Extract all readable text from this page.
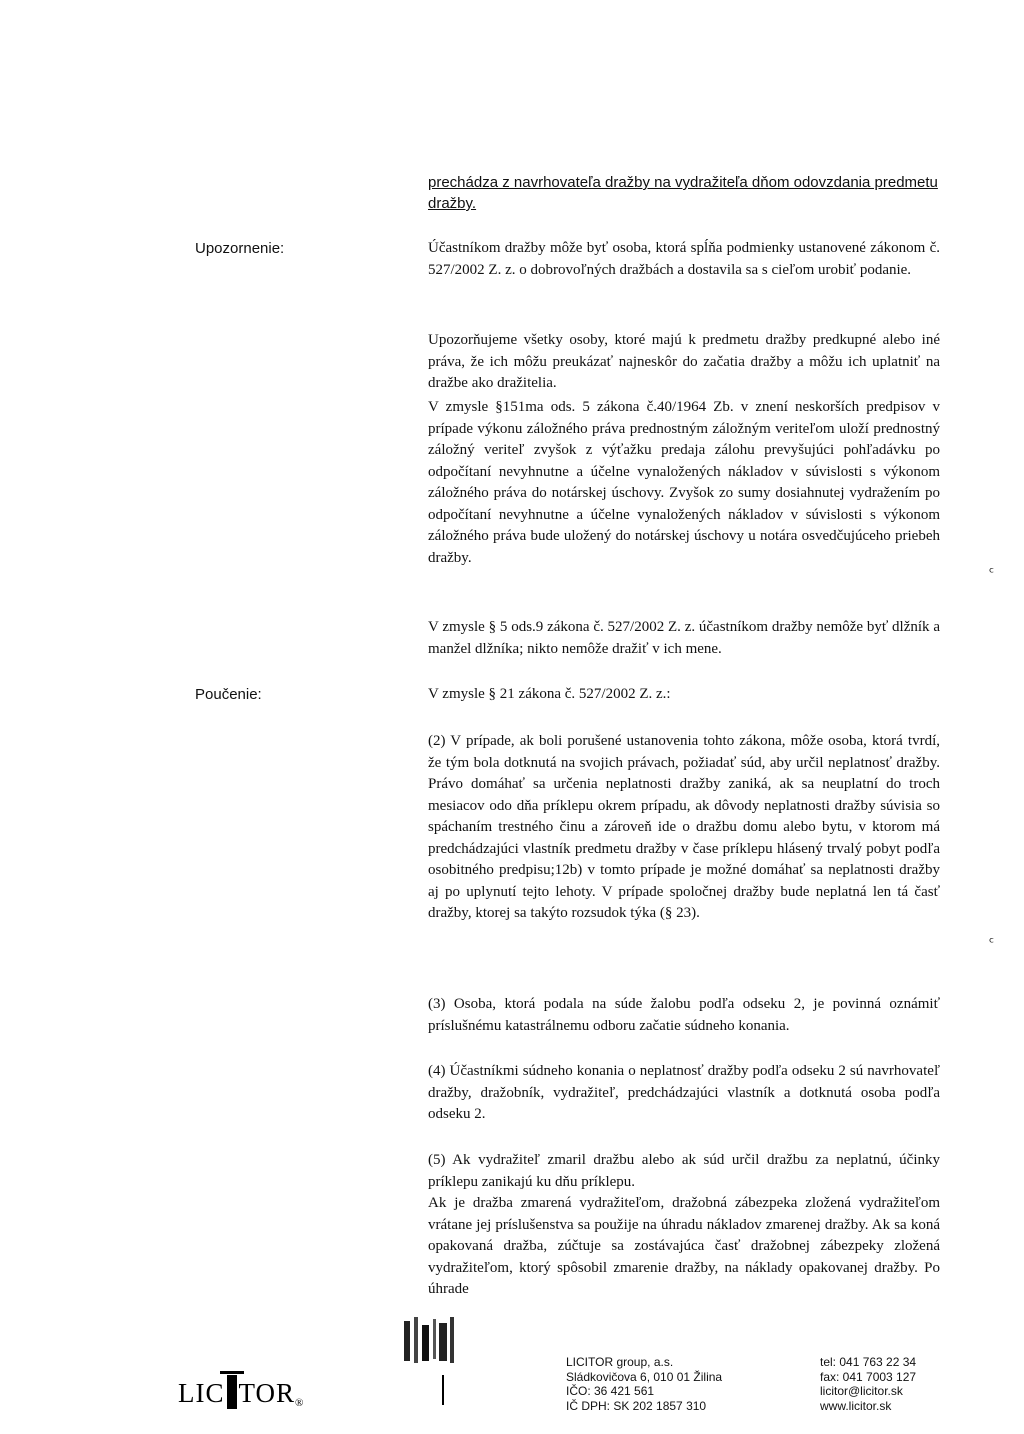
prechádza z navrhovateľa dražby na vydražiteľa dňom odovzdania predmetu dražby.
Upozornenie:	Účastníkom dražby môže byť osoba, ktorá spĺňa podmienky ustanovené zákonom č. 527/2002 Z. z. o dobrovoľných dražbách a dostavila sa s cieľom urobiť podanie.
Upozorňujeme všetky osoby, ktoré majú k predmetu dražby predkupné alebo iné práva, že ich môžu preukázať najneskôr do začatia dražby a môžu ich uplatniť na dražbe ako dražitelia.
V zmysle §151ma ods. 5 zákona č.40/1964 Zb. v znení neskorších predpisov v prípade výkonu záložného práva prednostným záložným veriteľom uloží prednostný záložný veriteľ zvyšok z výťažku predaja zálohu prevyšujúci pohľadávku po odpočítaní nevyhnutne a účelne vynaložených nákladov v súvislosti s výkonom záložného práva do notárskej úschovy. Zvyšok zo sumy dosiahnutej vydražením po odpočítaní nevyhnutne a účelne vynaložených nákladov v súvislosti s výkonom záložného práva bude uložený do notárskej úschovy u notára osvedčujúceho priebeh dražby.
ᶜ
V zmysle § 5 ods.9 zákona č. 527/2002 Z. z. účastníkom dražby nemôže byť dlžník a manžel dlžníka; nikto nemôže dražiť v ich mene.
Poučenie:	V zmysle § 21 zákona č. 527/2002 Z. z.:
(2) V prípade, ak boli porušené ustanovenia tohto zákona, môže osoba, ktorá tvrdí, že tým bola dotknutá na svojich právach, požiadať súd, aby určil neplatnosť dražby. Právo domáhať sa určenia neplatnosti dražby zaniká, ak sa neuplatní do troch mesiacov odo dňa príklepu okrem prípadu, ak dôvody neplatnosti dražby súvisia so spáchaním trestného činu a zároveň ide o dražbu domu alebo bytu, v ktorom má predchádzajúci vlastník predmetu dražby v čase príklepu hlásený trvalý pobyt podľa osobitného predpisu;12b) v tomto prípade je možné domáhať sa neplatnosti dražby aj po uplynutí tejto lehoty. V prípade spoločnej dražby bude neplatná len tá časť dražby, ktorej sa takýto rozsudok týka (§ 23).
ᶜ
(3) Osoba, ktorá podala na súde žalobu podľa odseku 2, je povinná oznámiť príslušnému katastrálnemu odboru začatie súdneho konania.
(4) Účastníkmi súdneho konania o neplatnosť dražby podľa odseku 2 sú navrhovateľ dražby, dražobník, vydražiteľ, predchádzajúci vlastník a dotknutá osoba podľa odseku 2.
(5) Ak vydražiteľ zmaril dražbu alebo ak súd určil dražbu za neplatnú, účinky príklepu zanikajú ku dňu príklepu.
Ak je dražba zmarená vydražiteľom, dražobná zábezpeka zložená vydražiteľom vrátane jej príslušenstva sa použije na úhradu nákladov zmarenej dražby. Ak sa koná opakovaná dražba, zúčtuje sa zostávajúca časť dražobnej zábezpeky zložená vydražiteľom, ktorý spôsobil zmarenie dražby, na náklady opakovanej dražby. Po úhrade
LIC $TOR_®$
LICITOR group, a.s.
Sládkovičova 6, 010 01 Žilina
IČO: 36 421 561
IČ DPH: SK 202 1857 310
tel: 041 763 22 34
fax: 041 7003 127
licitor@licitor.sk
www.licitor.sk
